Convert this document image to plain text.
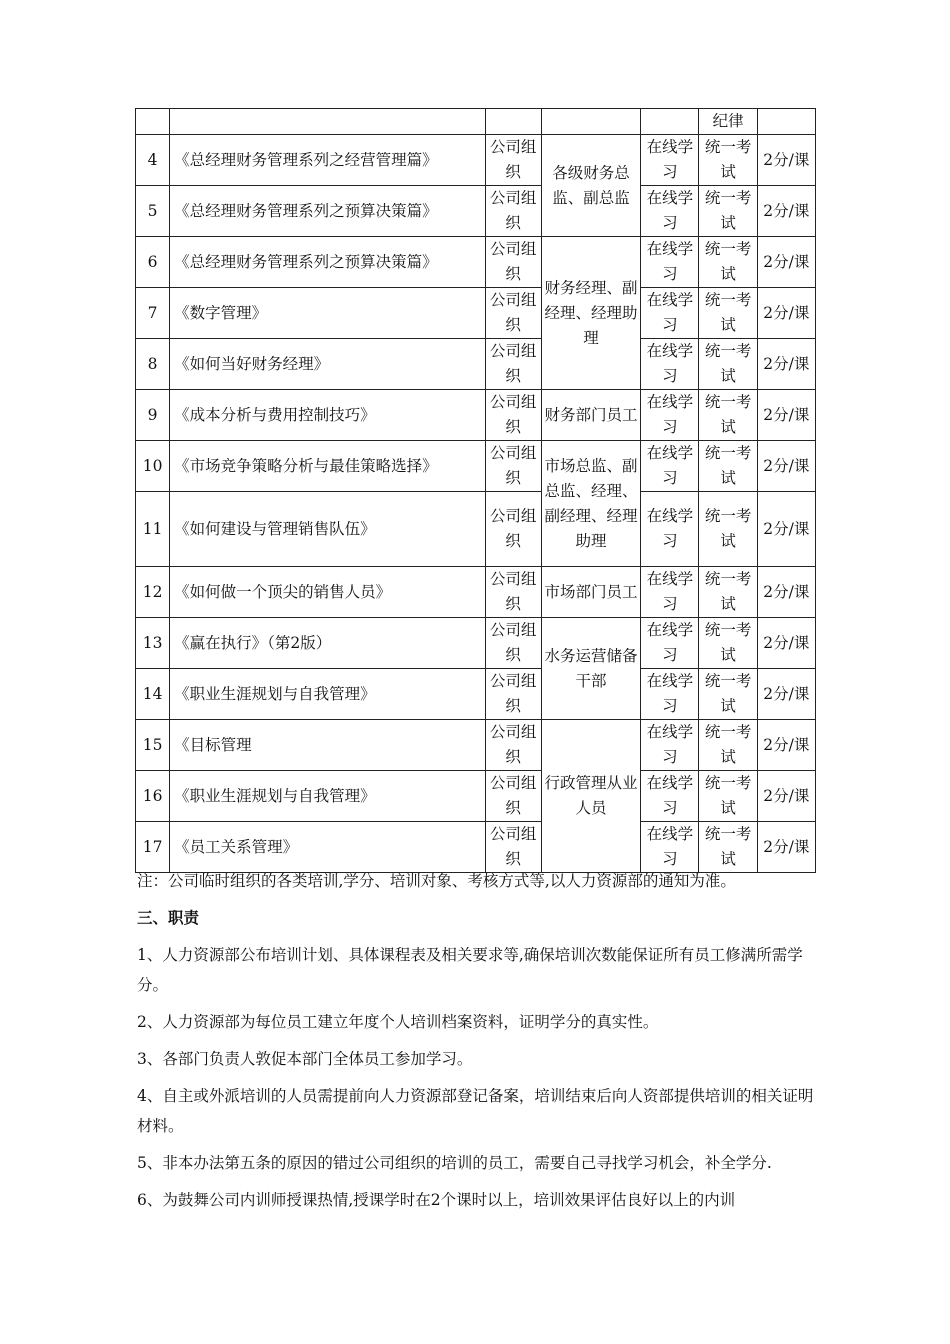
					纪律	
4	《总经理财务管理系列之经营管理篇》	公司组织	各级财务总监、副总监	在线学习	统一考试	2分/课
5	《总经理财务管理系列之预算决策篇》	公司组织		在线学习	统一考试	2分/课
6	《总经理财务管理系列之预算决策篇》	公司组织	财务经理、副经理、经理助理	在线学习	统一考试	2分/课
7	《数字管理》	公司组织		在线学习	统一考试	2分/课
8	《如何当好财务经理》	公司组织		在线学习	统一考试	2分/课
9	《成本分析与费用控制技巧》	公司组织	财务部门员工	在线学习	统一考试	2分/课
10	《市场竞争策略分析与最佳策略选择》	公司组织	市场总监、副总监、经理、副经理、经理助理	在线学习	统一考试	2分/课
11	《如何建设与管理销售队伍》	公司组织		在线学习	统一考试	2分/课
12	《如何做一个顶尖的销售人员》	公司组织	市场部门员工	在线学习	统一考试	2分/课
13	《赢在执行》（第2版）	公司组织	水务运营储备干部	在线学习	统一考试	2分/课
14	《职业生涯规划与自我管理》	公司组织		在线学习	统一考试	2分/课
15	《目标管理	公司组织	行政管理从业人员	在线学习	统一考试	2分/课
16	《职业生涯规划与自我管理》	公司组织		在线学习	统一考试	2分/课
17	《员工关系管理》	公司组织		在线学习	统一考试	2分/课

注：公司临时组织的各类培训,学分、培训对象、考核方式等,以人力资源部的通知为准。

三、职责

1、人力资源部公布培训计划、具体课程表及相关要求等,确保培训次数能保证所有员工修满所需学分。

2、人力资源部为每位员工建立年度个人培训档案资料，证明学分的真实性。

3、各部门负责人敦促本部门全体员工参加学习。

4、自主或外派培训的人员需提前向人力资源部登记备案，培训结束后向人资部提供培训的相关证明材料。

5、非本办法第五条的原因的错过公司组织的培训的员工，需要自己寻找学习机会，补全学分.

6、为鼓舞公司内训师授课热情,授课学时在2个课时以上，培训效果评估良好以上的内训
